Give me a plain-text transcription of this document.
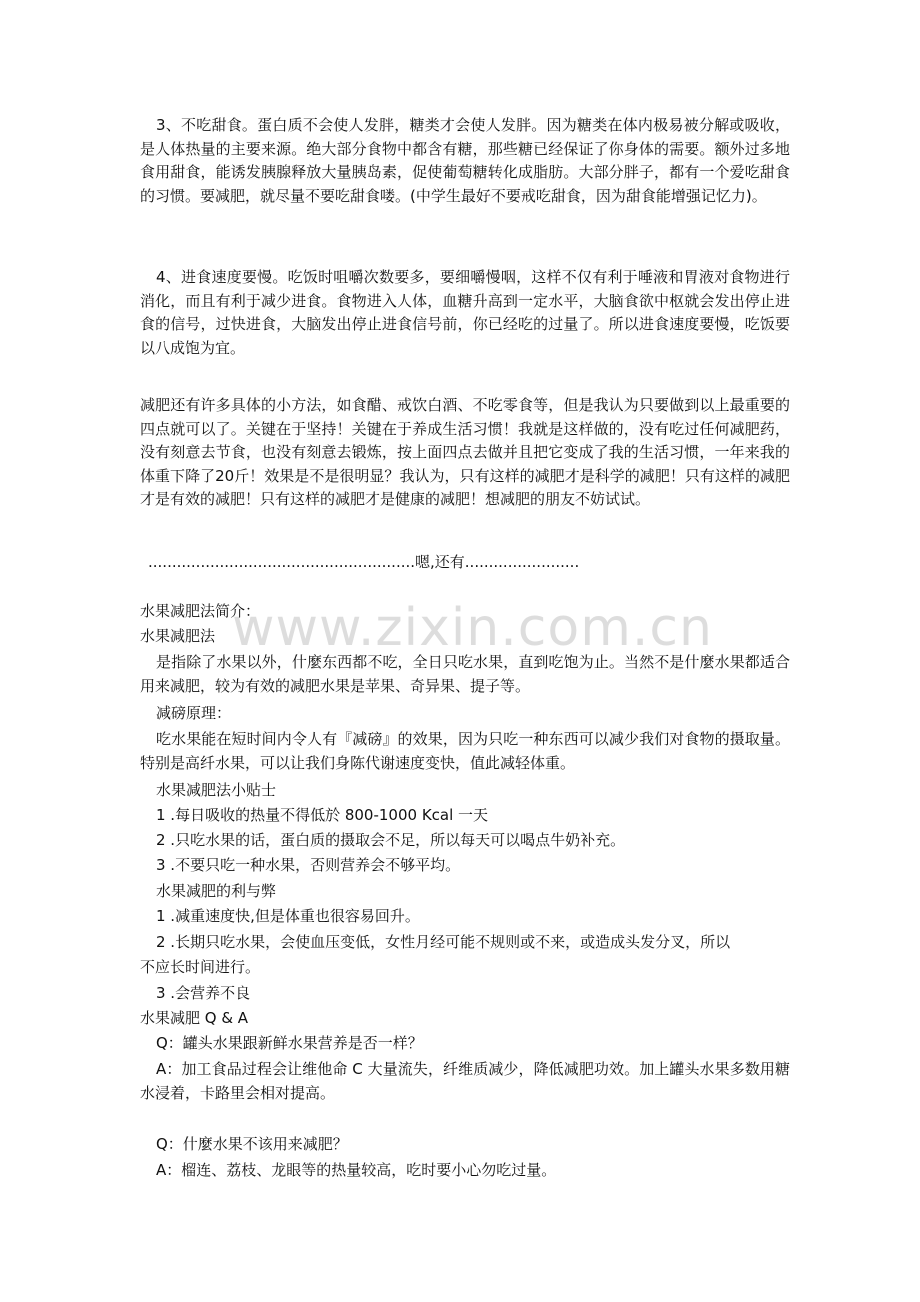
www.zixin.com.cn

3、不吃甜食。蛋白质不会使人发胖，糖类才会使人发胖。因为糖类在体内极易被分解或吸收，是人体热量的主要来源。绝大部分食物中都含有糖，那些糖已经保证了你身体的需要。额外过多地食用甜食，能诱发胰腺释放大量胰岛素，促使葡萄糖转化成脂肪。大部分胖子，都有一个爱吃甜食的习惯。要减肥，就尽量不要吃甜食喽。(中学生最好不要戒吃甜食，因为甜食能增强记忆力)。

4、进食速度要慢。吃饭时咀嚼次数要多，要细嚼慢咽，这样不仅有利于唾液和胃液对食物进行消化，而且有利于减少进食。食物进入人体，血糖升高到一定水平，大脑食欲中枢就会发出停止进食的信号，过快进食，大脑发出停止进食信号前，你已经吃的过量了。所以进食速度要慢，吃饭要以八成饱为宜。

减肥还有许多具体的小方法，如食醋、戒饮白酒、不吃零食等，但是我认为只要做到以上最重要的四点就可以了。关键在于坚持！关键在于养成生活习惯！我就是这样做的，没有吃过任何减肥药，没有刻意去节食，也没有刻意去锻炼，按上面四点去做并且把它变成了我的生活习惯，一年来我的体重下降了20斤！效果是不是很明显？我认为，只有这样的减肥才是科学的减肥！只有这样的减肥才是有效的减肥！只有这样的减肥才是健康的减肥！想减肥的朋友不妨试试。

........................................................嗯,还有........................
水果减肥法简介：
水果减肥法

是指除了水果以外，什麼东西都不吃，全日只吃水果，直到吃饱为止。当然不是什麼水果都适合用来减肥，较为有效的减肥水果是苹果、奇异果、提子等。

减磅原理：

吃水果能在短时间内令人有『减磅』的效果，因为只吃一种东西可以减少我们对食物的摄取量。特别是高纤水果，可以让我们身陈代谢速度变快，值此减轻体重。

水果减肥法小贴士
1 .每日吸收的热量不得低於 800-1000 Kcal 一天
2 .只吃水果的话，蛋白质的摄取会不足，所以每天可以喝点牛奶补充。
3 .不要只吃一种水果，否则营养会不够平均。
水果减肥的利与弊
1 .减重速度快,但是体重也很容易回升。
2 .长期只吃水果，会使血压变低，女性月经可能不规则或不来，或造成头发分叉，所以
不应长时间进行。
3 .会营养不良
水果减肥 Q & A
Q：罐头水果跟新鲜水果营养是否一样？

A：加工食品过程会让维他命 C 大量流失，纤维质减少，降低减肥功效。加上罐头水果多数用糖水浸着，卡路里会相对提高。

Q：什麼水果不该用来减肥？
A：榴连、荔枝、龙眼等的热量较高，吃时要小心勿吃过量。
